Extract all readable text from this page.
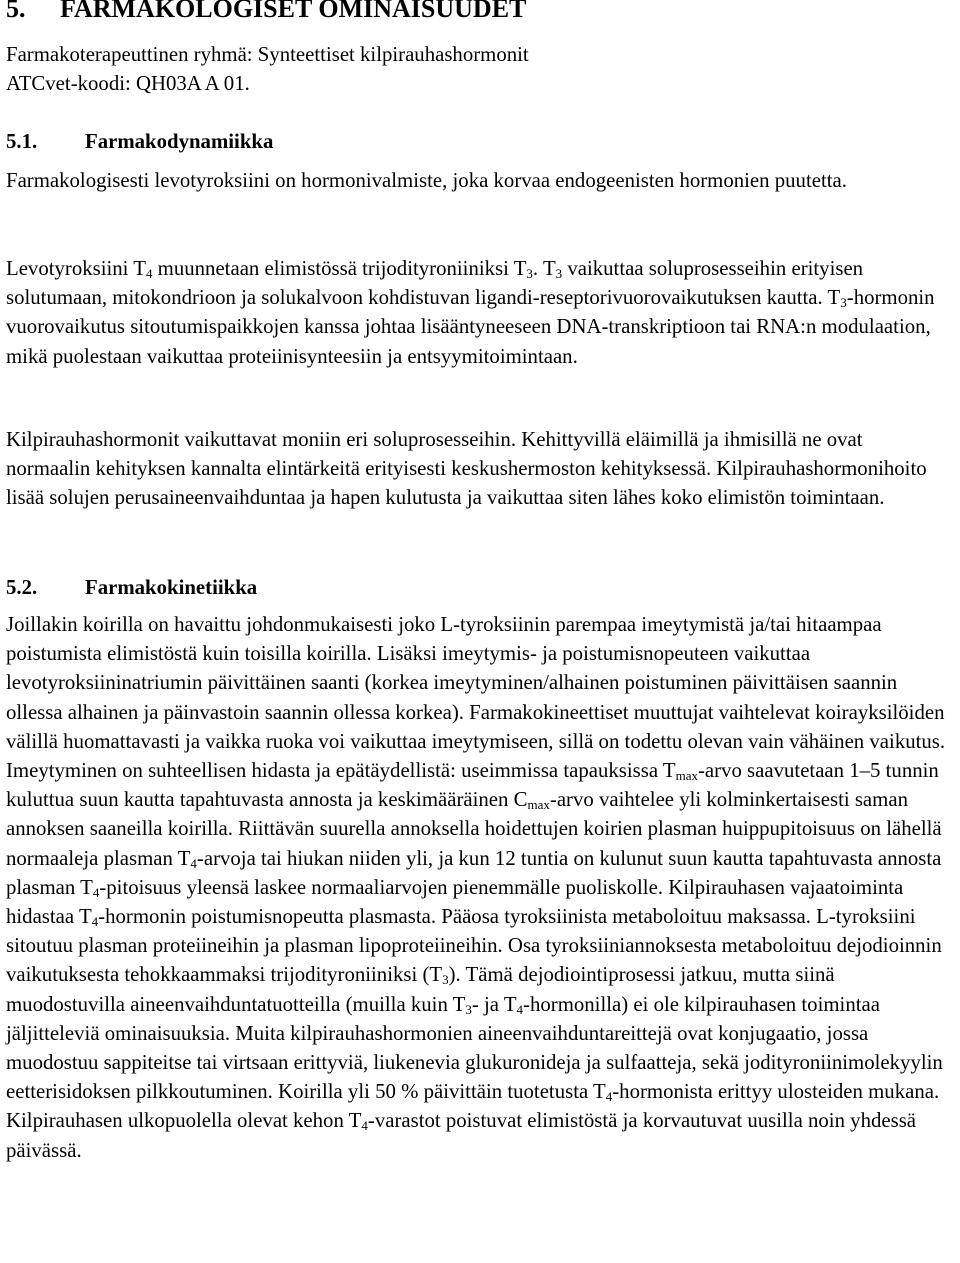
5. FARMAKOLOGISET OMINAISUUDET

Farmakoterapeuttinen ryhmä: Synteettiset kilpirauhashormonit

ATCvet-koodi: QH03A A 01.

5.1. Farmakodynamiikka

Farmakologisesti levotyroksiini on hormonivalmiste, joka korvaa endogeenisten hormonien puutetta.

Levotyroksiini $T_4$ muunnetaan elimistössä trijodityroniiniksi $T_3$. $T_3$ vaikuttaa soluprosesseihin erityisen solutumaan, mitokondrioon ja solukalvoon kohdistuvan ligandi-reseptorivuorovaikutuksen kautta. $T_3$-hormonin vuorovaikutus sitoutumispaikkojen kanssa johtaa lisääntyneeseen DNA-transkriptioon tai RNA:n modulaation, mikä puolestaan vaikuttaa proteiinisynteesiin ja entsyymitoimintaan.

Kilpirauhashormonit vaikuttavat moniin eri soluprosesseihin. Kehittyvillä eläimillä ja ihmisillä ne ovat normaalin kehityksen kannalta elintärkeitä erityisesti keskushermoston kehityksessä. Kilpirauhashormonihoito lisää solujen perusaineenvaihduntaa ja hapen kulutusta ja vaikuttaa siten lähes koko elimistön toimintaan.

5.2. Farmakokinetiikka

Joillakin koirilla on havaittu johdonmukaisesti joko L-tyroksiinin parempaa imeytymistä ja/tai hitaampaa poistumista elimistöstä kuin toisilla koirilla. Lisäksi imeytymis- ja poistumisnopeuteen vaikuttaa levotyroksiininatriumin päivittäinen saanti (korkea imeytyminen/alhainen poistuminen päivittäisen saannin ollessa alhainen ja päinvastoin saannin ollessa korkea). Farmakokineettiset muuttujat vaihtelevat koirayksilöiden välillä huomattavasti ja vaikka ruoka voi vaikuttaa imeytymiseen, sillä on todettu olevan vain vähäinen vaikutus. Imeytyminen on suhteellisen hidasta ja epätäydellistä: useimmissa tapauksissa $T_{max}$-arvo saavutetaan 1–5 tunnin kuluttua suun kautta tapahtuvasta annosta ja keskimääräinen $C_{max}$-arvo vaihtelee yli kolminkertaisesti saman annoksen saaneilla koirilla. Riittävän suurella annoksella hoidettujen koirien plasman huippupitoisuus on lähellä normaaleja plasman $T_4$-arvoja tai hiukan niiden yli, ja kun 12 tuntia on kulunut suun kautta tapahtuvasta annosta plasman $T_4$-pitoisuus yleensä laskee normaaliarvojen pienemmälle puoliskolle. Kilpirauhasen vajaatoiminta hidastaa $T_4$-hormonin poistumisnopeutta plasmasta. Pääosa tyroksiinista metaboloituu maksassa. L-tyroksiini sitoutuu plasman proteiineihin ja plasman lipoproteiineihin. Osa tyroksiiniannoksesta metaboloituu dejodioinnin vaikutuksesta tehokkaammaksi trijodityroniiniksi $(T_3)$. Tämä dejodiointiprosessi jatkuu, mutta siinä muodostuvilla aineenvaihduntatuotteilla (muilla kuin $T_3-$ ja $T_4-hormonilla$) ei ole kilpirauhasen toimintaa jäljitteleviä ominaisuuksia. Muita kilpirauhashormonien aineenvaihduntareittejä ovat konjugaatio, jossa muodostuu sappiteitse tai virtsaan erittyviä, liukenevia glukuronideja ja sulfaatteja, sekä jodityroniinimolekyylin eetterisidoksen pilkkoutuminen. Koirilla yli 50 % päivittäin tuotetusta $T_4$-hormonista erittyy ulosteiden mukana. Kilpirauhasen ulkopuolella olevat kehon $T_4$-varastot poistuvat elimistöstä ja korvautuvat uusilla noin yhdessä päivässä.
